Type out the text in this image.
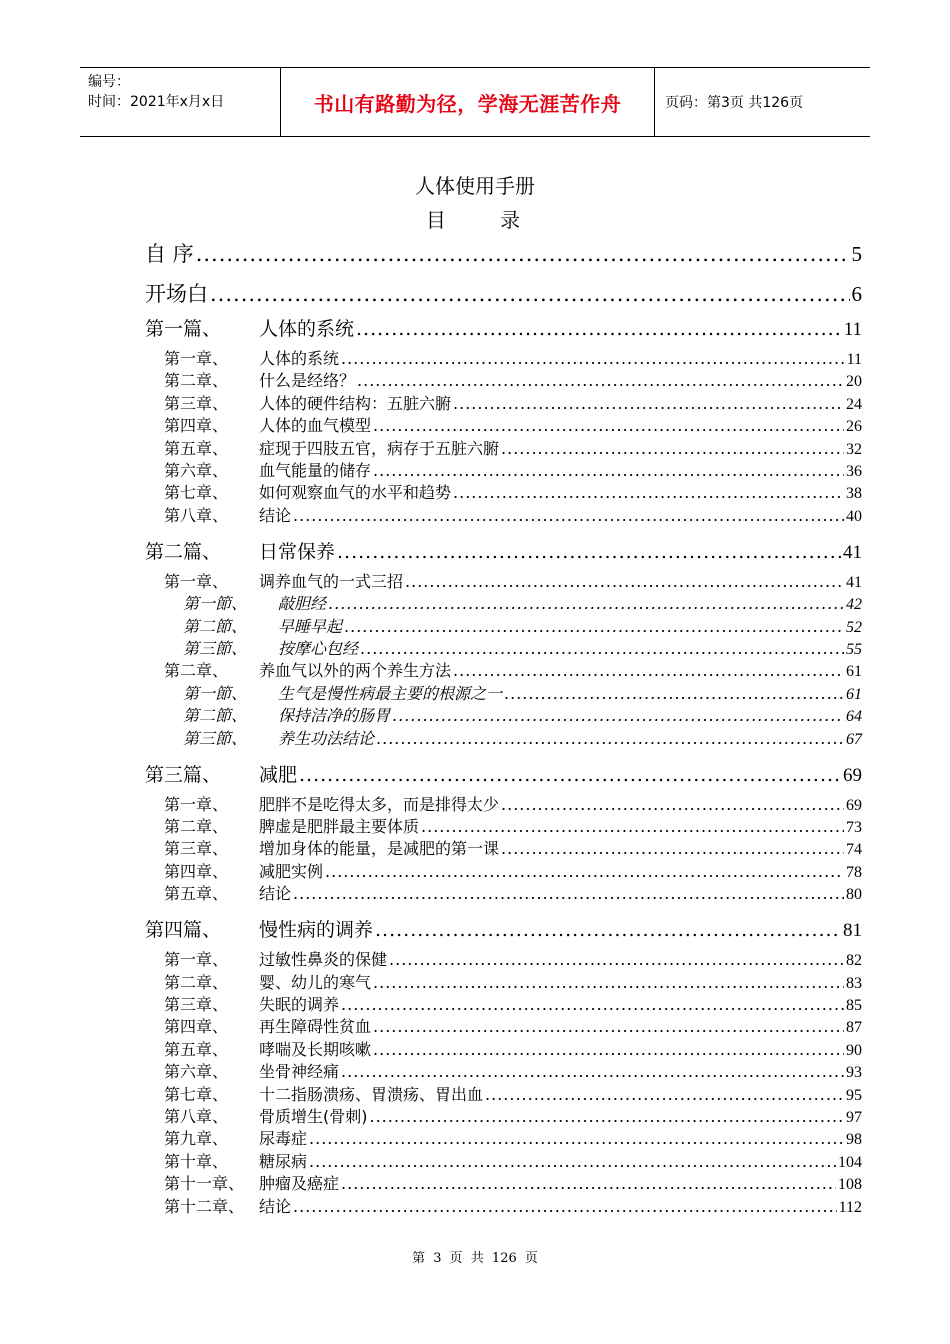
编号：
时间：2021年x月x日	书山有路勤为径，学海无涯苦作舟	页码：第3页 共126页
人体使用手册
目 录
自 序 .....	5
开场白 .....	6
第一篇、	人体的系统 .....	11
第一章、	人体的系统 .....	11
第二章、	什么是经络？ .....	20
第三章、	人体的硬件结构：五脏六腑 .....	24
第四章、	人体的血气模型 .....	26
第五章、	症现于四肢五官，病存于五脏六腑 .....	32
第六章、	血气能量的储存 .....	36
第七章、	如何观察血气的水平和趋势 .....	38
第八章、	结论 .....	40
第二篇、	日常保养 .....	41
第一章、	调养血气的一式三招 .....	41
第一節、	敲胆经 .....	42
第二節、	早睡早起 .....	52
第三節、	按摩心包经 .....	55
第二章、	养血气以外的两个养生方法 .....	61
第一節、	生气是慢性病最主要的根源之一 .....	61
第二節、	保持洁净的肠胃 .....	64
第三節、	养生功法结论 .....	67
第三篇、	减肥 .....	69
第一章、	肥胖不是吃得太多，而是排得太少 .....	69
第二章、	脾虚是肥胖最主要体质 .....	73
第三章、	增加身体的能量，是减肥的第一课 .....	74
第四章、	减肥实例 .....	78
第五章、	结论 .....	80
第四篇、	慢性病的调养 .....	81
第一章、	过敏性鼻炎的保健 .....	82
第二章、	婴、幼儿的寒气 .....	83
第三章、	失眠的调养 .....	85
第四章、	再生障碍性贫血 .....	87
第五章、	哮喘及长期咳嗽 .....	90
第六章、	坐骨神经痛 .....	93
第七章、	十二指肠溃疡、胃溃疡、胃出血 .....	95
第八章、	骨质增生(骨刺) .....	97
第九章、	尿毒症 .....	98
第十章、	糖尿病 .....	104
第十一章、 肿瘤及癌症 .....	108
第十二章、 结论 .....	112
第 3 页 共 126 页
